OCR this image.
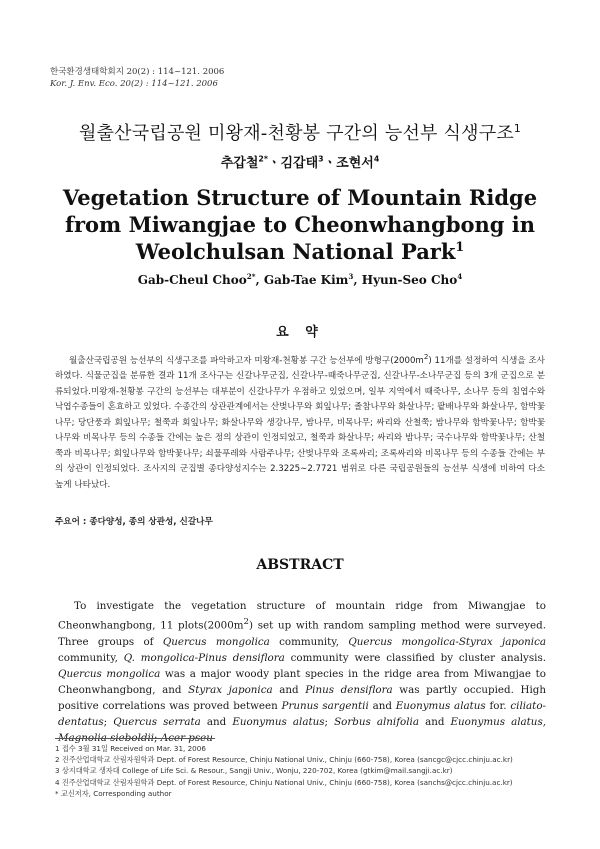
한국환경생태학회지 20(2) : 114~121. 2006
Kor. J. Env. Eco. 20(2) : 114~121. 2006
월출산국립공원 미왕재-천황봉 구간의 능선부 식생구조$^1$
추갑철$^{2*}$ㆍ김갑태$^3$ㆍ조현서$^4$
Vegetation Structure of Mountain Ridge from Miwangjae to Cheonwhangbong in Weolchulsan National Park$^1$
Gab-Cheul Choo$^{2*}$, Gab-Tae Kim$^3$, Hyun-Seo Cho$^4$
요 약

월출산국립공원 능선부의 식생구조를 파악하고자 미왕재-천황봉 구간 능선부에 방형구$(2000m^2)$ 11개를 설정하여 식생을 조사하였다. 식물군집을 분류한 결과 11개 조사구는 신갈나무군집, 신갈나무-때죽나무군집, 신갈나무-소나무군집 등의 3개 군집으로 분류되었다.미왕재-천황봉 구간의 능선부는 대부분이 신갈나무가 우점하고 있었으며, 일부 지역에서 때죽나무, 소나무 등의 침엽수와 낙엽수종들이 혼효하고 있었다. 수종간의 상관관계에서는 산벚나무와 회잎나무; 졸참나무와 화살나무; 팥배나무와 화살나무, 함박꽃나무; 당단풍과 회잎나무; 철쭉과 회잎나무; 화살나무와 생강나무, 밤나무, 비목나무; 싸리와 산철쭉; 밤나무와 함박꽃나무; 함박꽃나무와 비목나무 등의 수종들 간에는 높은 정의 상관이 인정되었고, 철쭉과 화살나무; 싸리와 밤나무; 국수나무와 함박꽃나무; 산철쭉과 비목나무; 회잎나무와 함박꽃나무; 쇠물푸레와 사람주나무; 산벚나무와 조록싸리; 조록싸리와 비목나무 등의 수종들 간에는 부의 상관이 인정되었다. 조사지의 군집별 종다양성지수는 2.3225∼2.7721 범위로 다른 국립공원들의 능선부 식생에 비하여 다소 높게 나타났다.

주요어 : 종다양성, 종의 상관성, 신갈나무
ABSTRACT

To investigate the vegetation structure of mountain ridge from Miwangjae to Cheonwhangbong, 11 $plots(2000m^2)$ set up with random sampling method were surveyed. Three groups of Quercus mongolica community, Quercus mongolica-Styrax japonica community, Q. mongolica-Pinus densiflora community were classified by cluster analysis. Quercus mongolica was a major woody plant species in the ridge area from Miwangjae to Cheonwhangbong, and Styrax japonica and Pinus densiflora was partly occupied. High positive correlations was proved between Prunus sargentii and Euonymus alatus for. ciliato-dentatus; Quercus serrata and Euonymus alatus; Sorbus alnifolia and Euonymus alatus, Magnolia sieboldii; Acer pseu

1 접수 3월 31일 Received on Mar. 31, 2006
2 진주산업대학교 산림자원학과 Dept. of Forest Resource, Chinju National Univ., Chinju (660-758), Korea (sancgc@cjcc.chinju.ac.kr)
3 상지대학교 생자대 College of Life Sci. & Resour., Sangji Univ., Wonju, 220-702, Korea (gtkim@mail.sangji.ac.kr)
4 진주산업대학교 산림자원학과 Dept. of Forest Resource, Chinju National Univ., Chinju (660-758), Korea (sanchs@cjcc.chinju.ac.kr)
* 교신저자, Corresponding author
